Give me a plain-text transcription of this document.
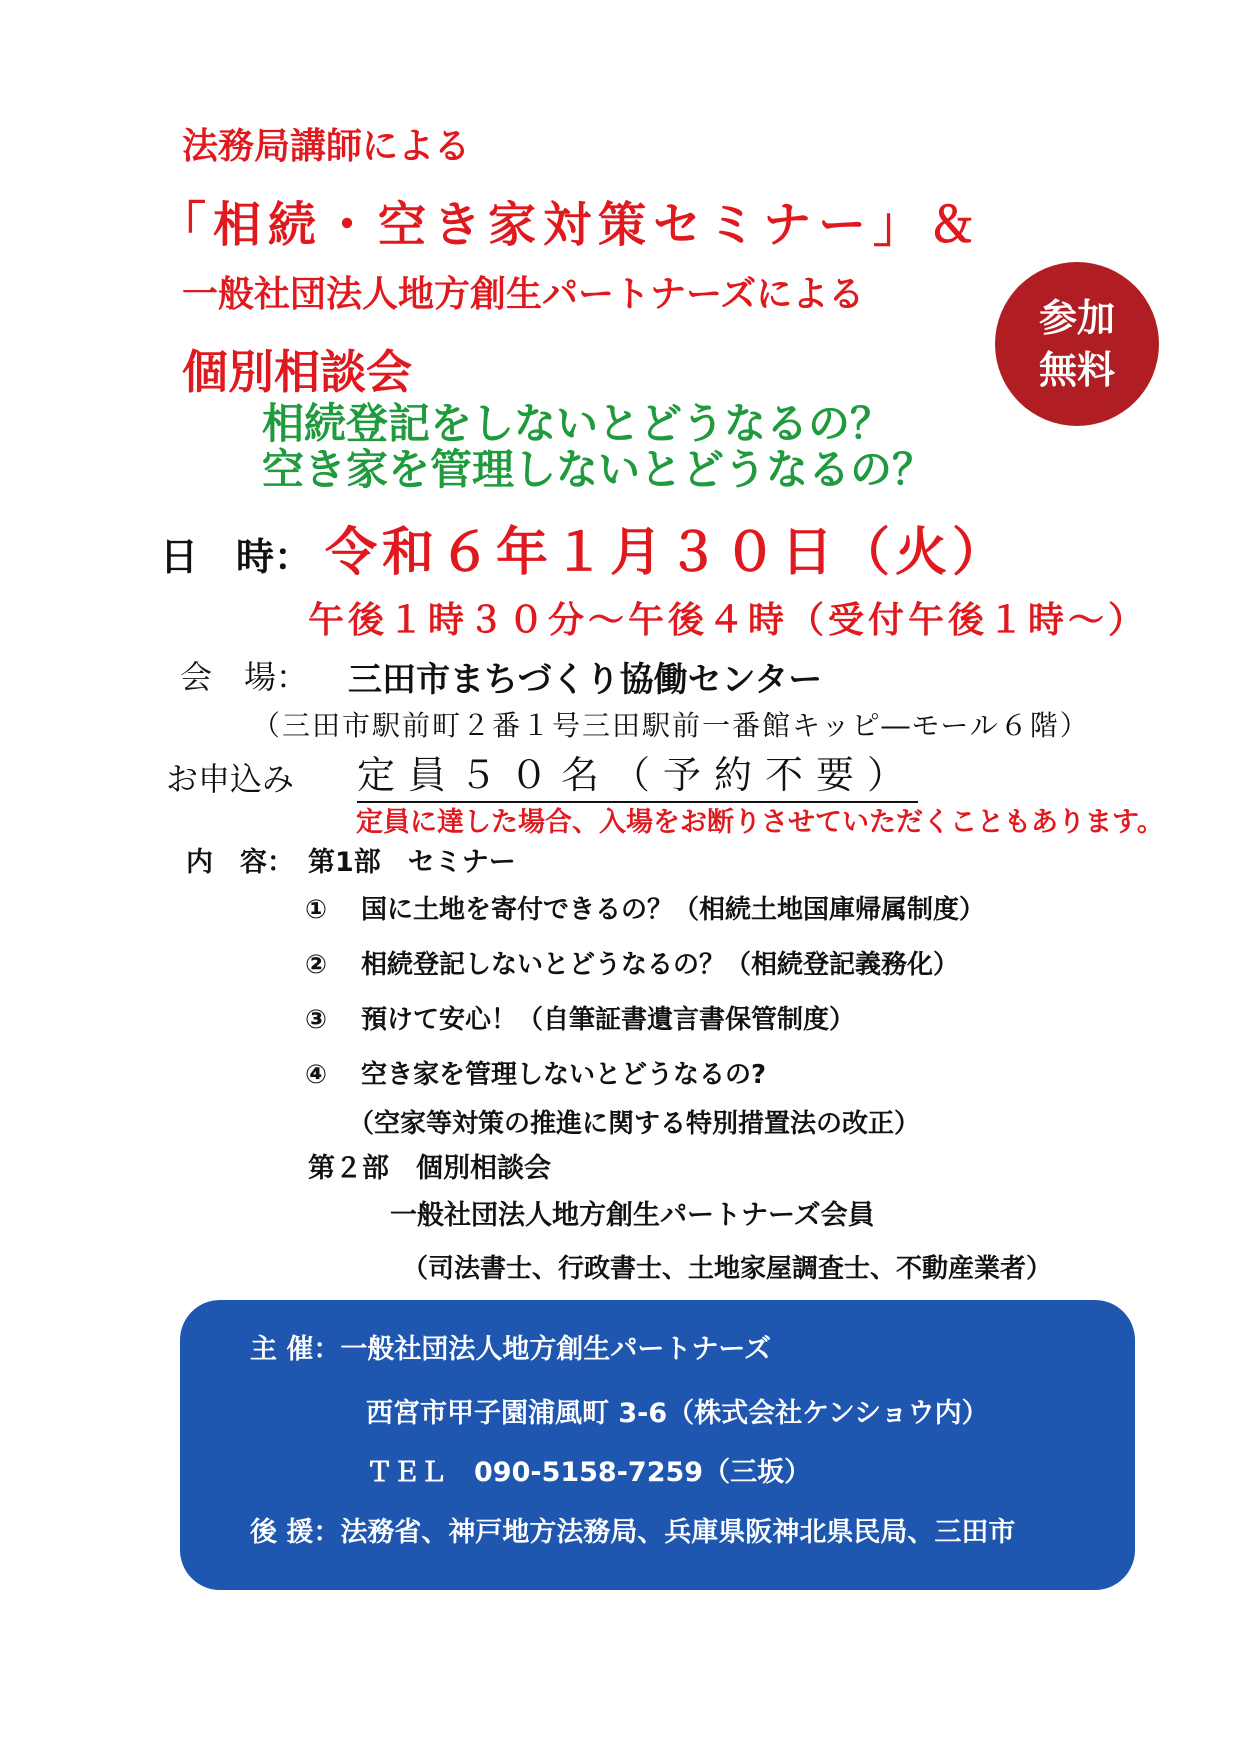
法務局講師による

「相続・空き家対策セミナー」＆

一般社団法人地方創生パートナーズによる

個別相談会

参加
無料

相続登記をしないとどうなるの？

空き家を管理しないとどうなるの？

日　時： 令和６年１月３０日（火）

午後１時３０分～午後４時（受付午後１時～）

会　場： 三田市まちづくり協働センター

（三田市駅前町２番１号三田駅前一番館キッピ―モール６階）

お申込み 定員５０名（予約不要）

定員に達した場合、入場をお断りさせていただくこともあります。

内　容： 第1部　セミナー

① 国に土地を寄付できるの？（相続土地国庫帰属制度）

② 相続登記しないとどうなるの？（相続登記義務化）

③ 預けて安心！（自筆証書遺言書保管制度）

④ 空き家を管理しないとどうなるの?

（空家等対策の推進に関する特別措置法の改正）

第２部　個別相談会

一般社団法人地方創生パートナーズ会員

（司法書士、行政書士、土地家屋調査士、不動産業者）

主 催：一般社団法人地方創生パートナーズ

西宮市甲子園浦風町 3-6（株式会社ケンショウ内）

ＴＥＬ　090-5158-7259（三坂）

後 援：法務省、神戸地方法務局、兵庫県阪神北県民局、三田市
